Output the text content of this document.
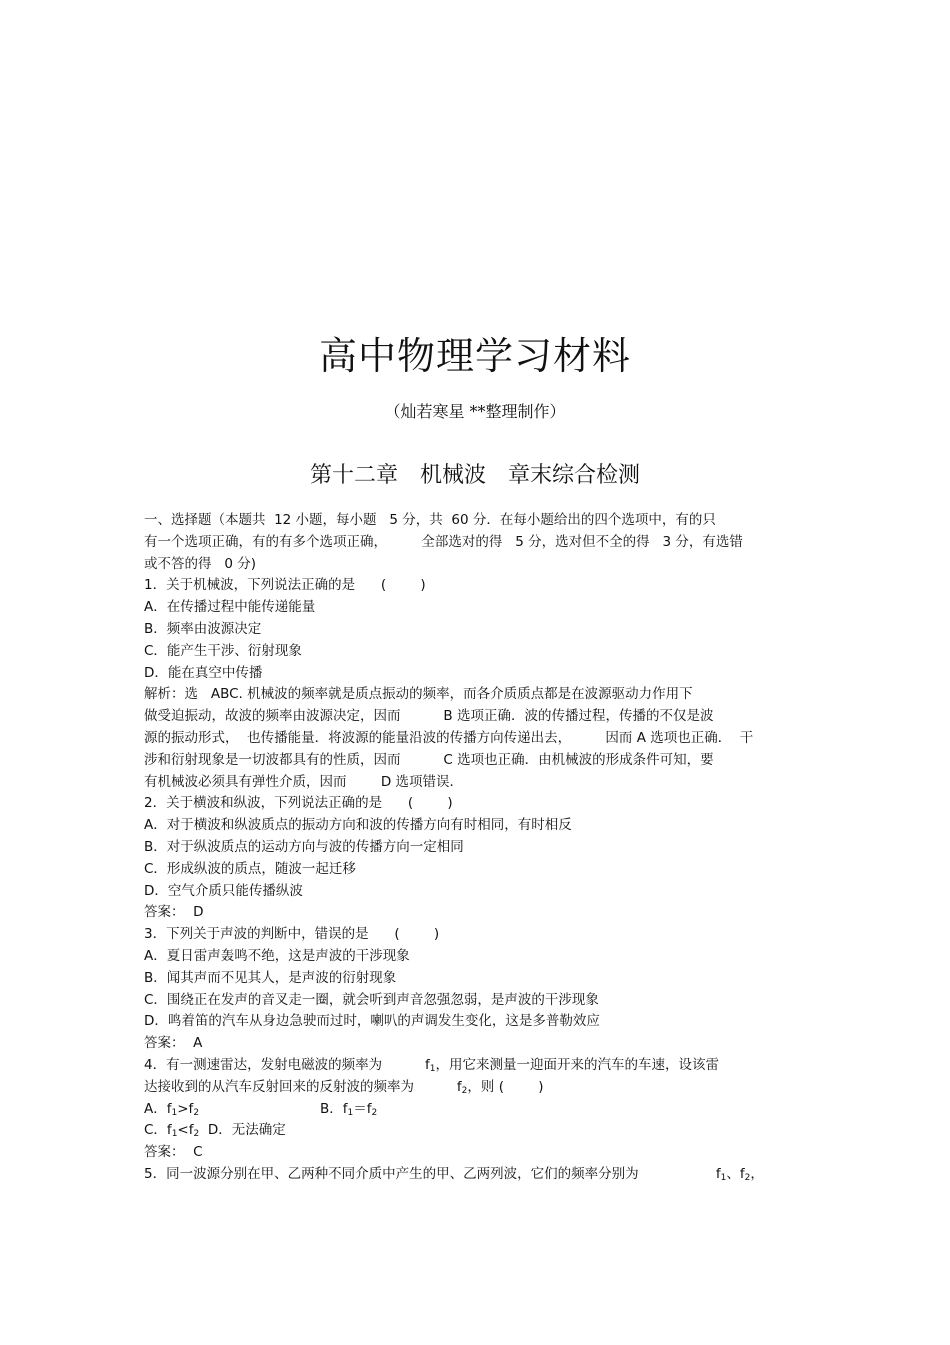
高中物理学习材料
（灿若寒星 **整理制作）
第十二章　机械波　章末综合检测
一、选择题（本题共  12 小题，每小题   5 分，共  60 分．在每小题给出的四个选项中，有的只
有一个选项正确，有的有多个选项正确，        全部选对的得   5 分，选对但不全的得   3 分，有选错
或不答的得   0 分)
1．关于机械波，下列说法正确的是      (        )
A．在传播过程中能传递能量
B．频率由波源决定
C．能产生干涉、衍射现象
D．能在真空中传播
解析：选   ABC. 机械波的频率就是质点振动的频率，而各介质质点都是在波源驱动力作用下
做受迫振动，故波的频率由波源决定，因而          B 选项正确．波的传播过程，传播的不仅是波
源的振动形式，  也传播能量．将波源的能量沿波的传播方向传递出去，        因而 A 选项也正确．  干
涉和衍射现象是一切波都具有的性质，因而          C 选项也正确．由机械波的形成条件可知，要
有机械波必须具有弹性介质，因而        D 选项错误．
2．关于横波和纵波，下列说法正确的是      (        )
A．对于横波和纵波质点的振动方向和波的传播方向有时相同，有时相反
B．对于纵波质点的运动方向与波的传播方向一定相同
C．形成纵波的质点，随波一起迁移
D．空气介质只能传播纵波
答案：  D
3．下列关于声波的判断中，错误的是      (        )
A．夏日雷声轰鸣不绝，这是声波的干涉现象
B．闻其声而不见其人，是声波的衍射现象
C．围绕正在发声的音叉走一圈，就会听到声音忽强忽弱，是声波的干涉现象
D．鸣着笛的汽车从身边急驶而过时，喇叭的声调发生变化，这是多普勒效应
答案：  A
4．有一测速雷达，发射电磁波的频率为          $f_1$，用它来测量一迎面开来的汽车的车速，设该雷
达接收到的从汽车反射回来的反射波的频率为          $f_2$，则 (        )
A．$f_1>f_2$	B．$f_1=f_2$
C．$f_1<f_2$  D．无法确定
答案：  C
5．同一波源分别在甲、乙两种不同介质中产生的甲、乙两列波，它们的频率分别为                  $f_1$、$f_2$，
